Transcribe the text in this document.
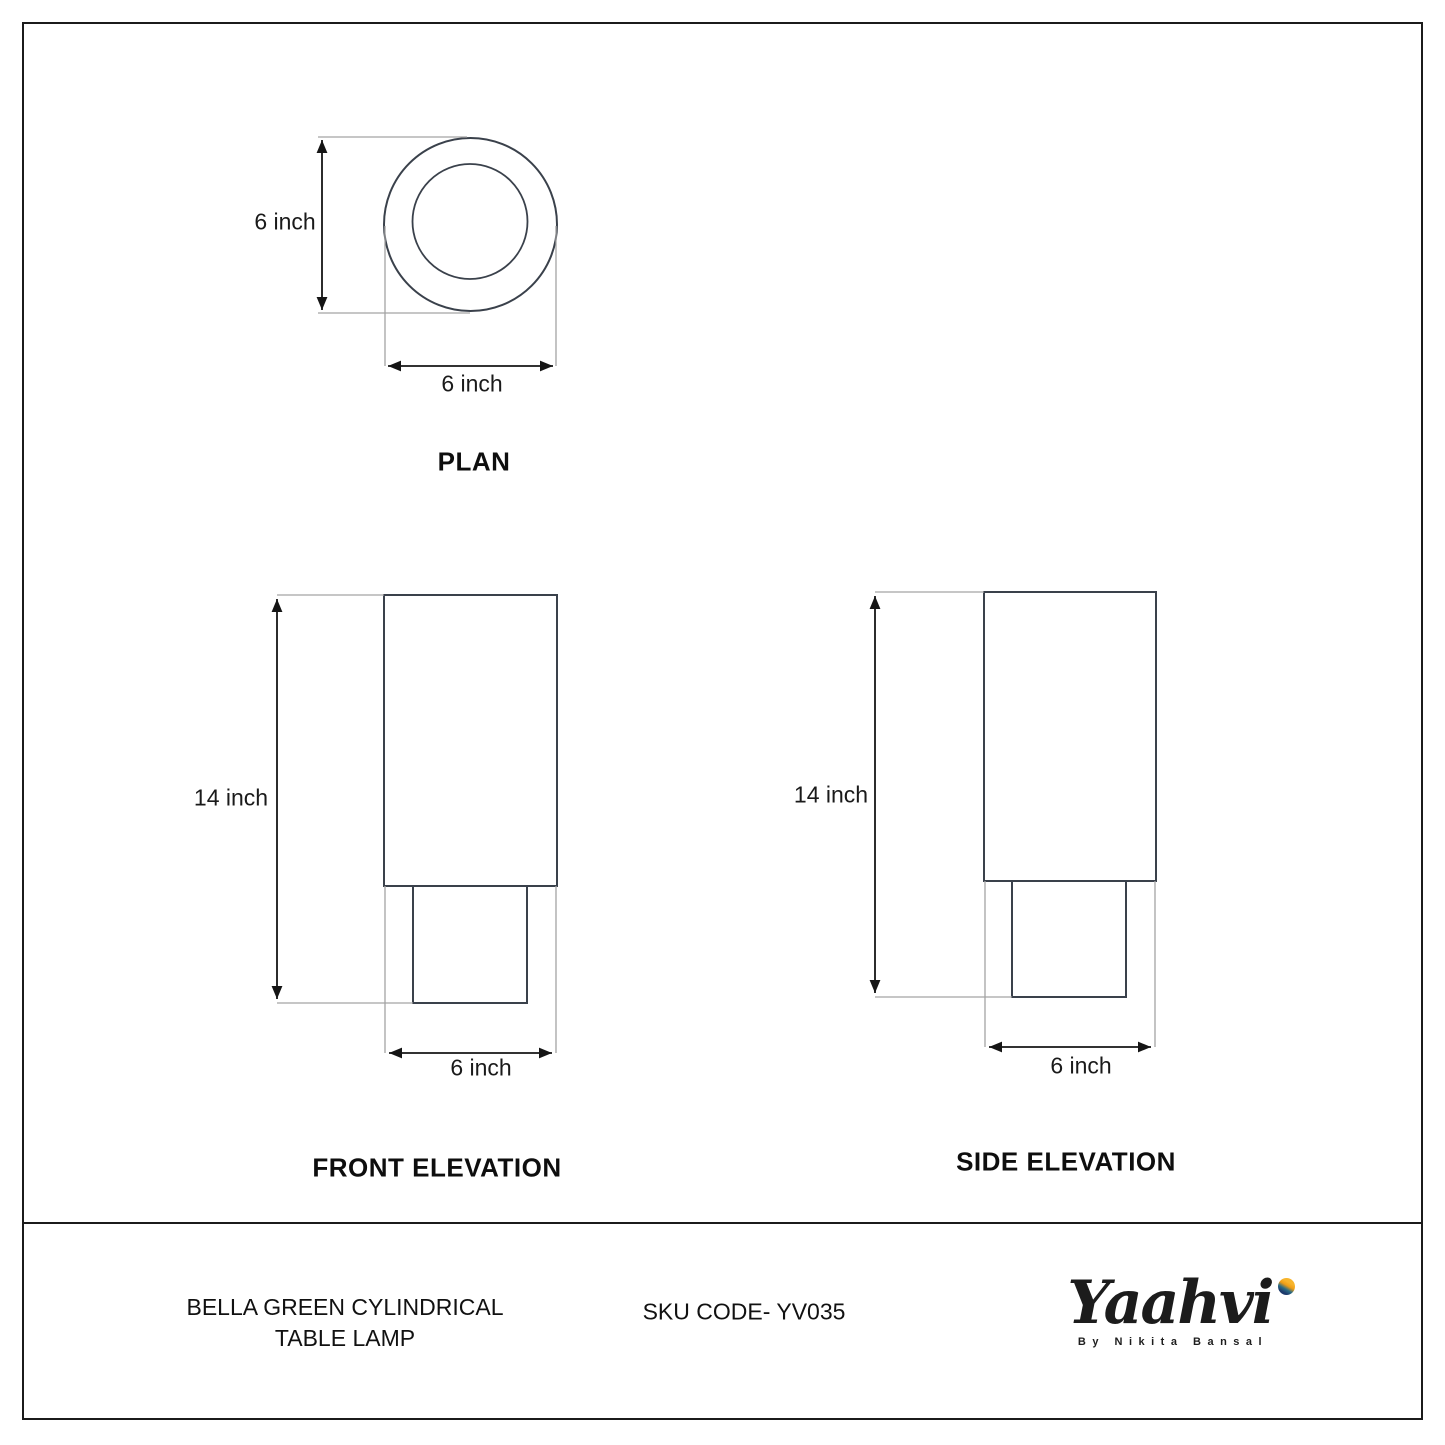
6 inch
6 inch
PLAN
14 inch
6 inch
FRONT ELEVATION
14 inch
6 inch
SIDE ELEVATION
BELLA GREEN CYLINDRICAL
TABLE LAMP
SKU CODE- YV035	Yaahvi
By Nikita Bansal
